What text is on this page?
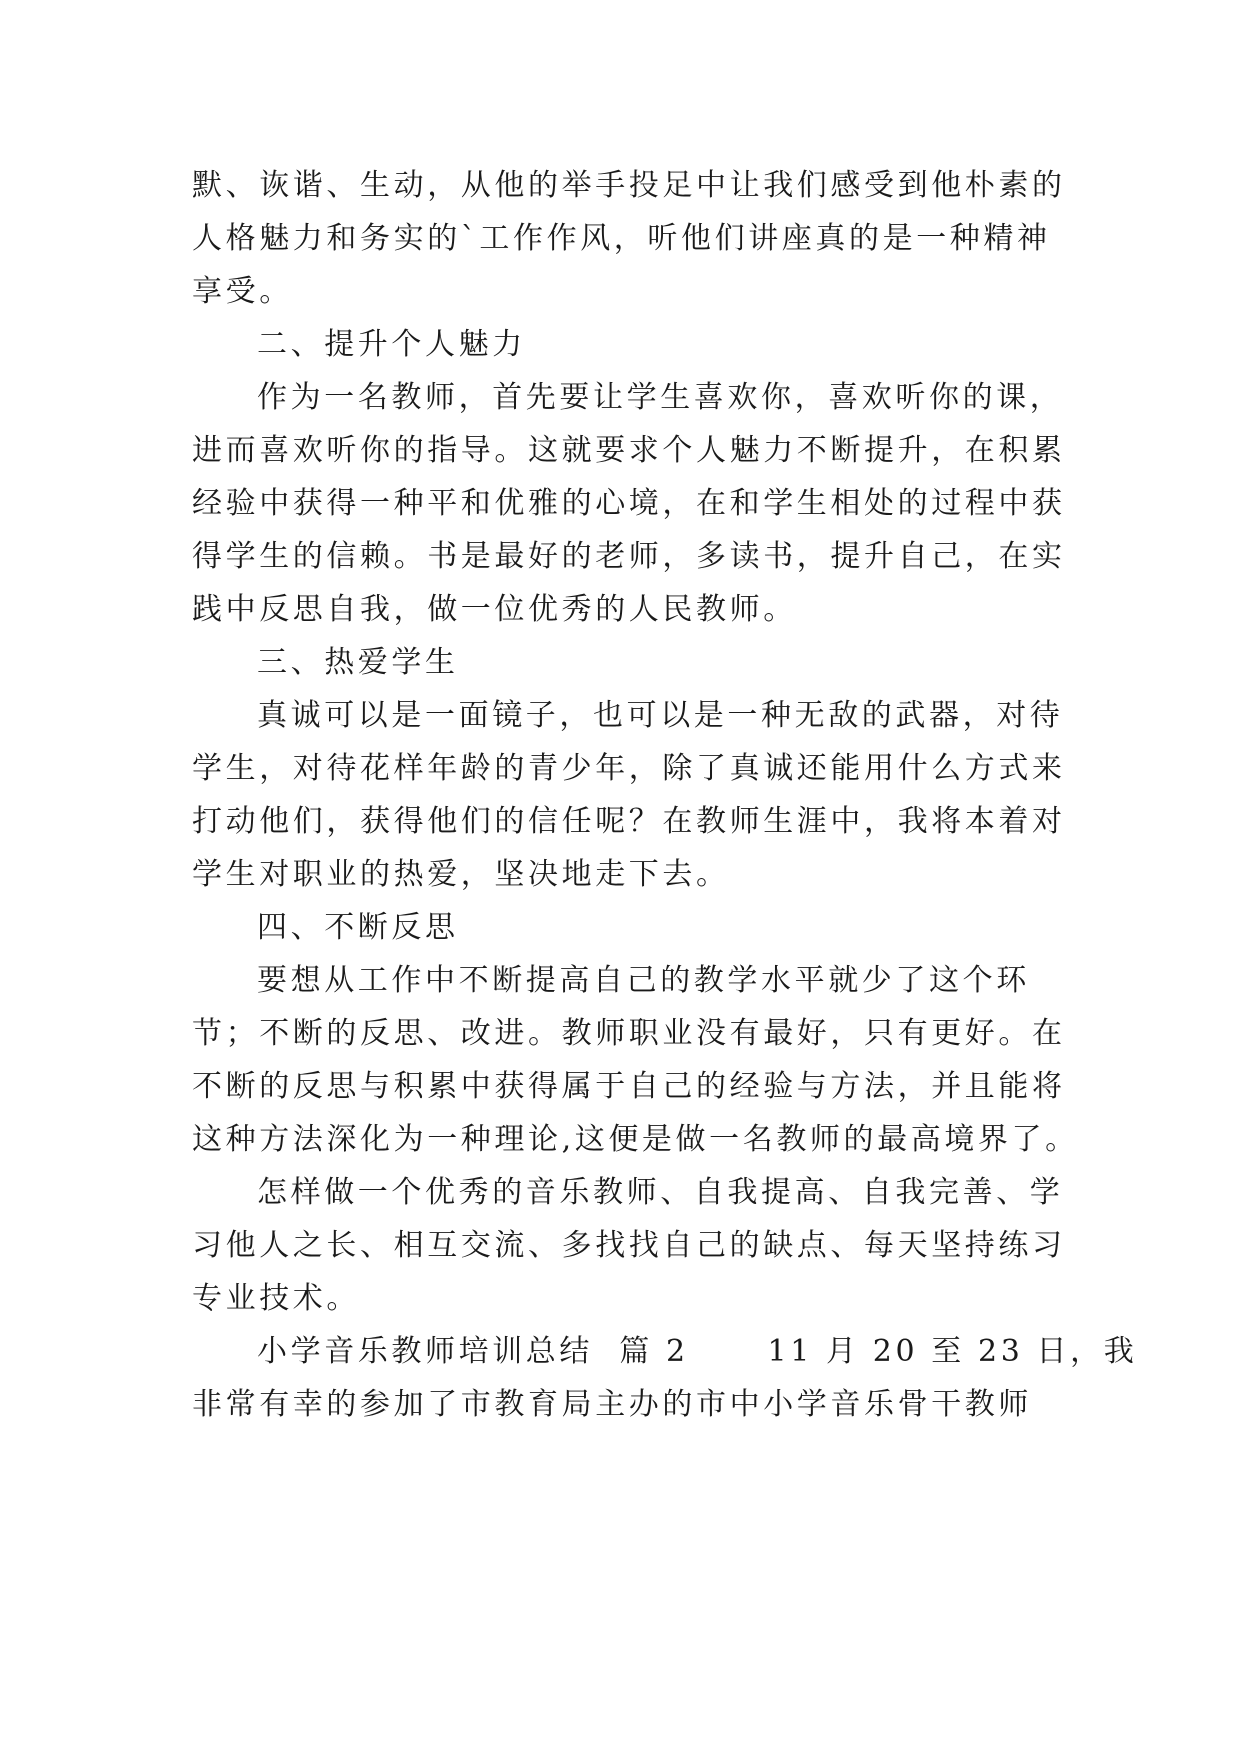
默、诙谐、生动，从他的举手投足中让我们感受到他朴素的
人格魅力和务实的`工作作风，听他们讲座真的是一种精神
享受。
二、提升个人魅力
作为一名教师，首先要让学生喜欢你，喜欢听你的课，
进而喜欢听你的指导。这就要求个人魅力不断提升，在积累
经验中获得一种平和优雅的心境，在和学生相处的过程中获
得学生的信赖。书是最好的老师，多读书，提升自己，在实
践中反思自我，做一位优秀的人民教师。
三、热爱学生
真诚可以是一面镜子，也可以是一种无敌的武器，对待
学生，对待花样年龄的青少年，除了真诚还能用什么方式来
打动他们，获得他们的信任呢？在教师生涯中，我将本着对
学生对职业的热爱，坚决地走下去。
四、不断反思
要想从工作中不断提高自己的教学水平就少了这个环
节；不断的反思、改进。教师职业没有最好，只有更好。在
不断的反思与积累中获得属于自己的经验与方法，并且能将
这种方法深化为一种理论,这便是做一名教师的最高境界了。
怎样做一个优秀的音乐教师、自我提高、自我完善、学
习他人之长、相互交流、多找找自己的缺点、每天坚持练习
专业技术。
小学音乐教师培训总结  篇 2      11 月 20 至 23 日，我
非常有幸的参加了市教育局主办的市中小学音乐骨干教师
